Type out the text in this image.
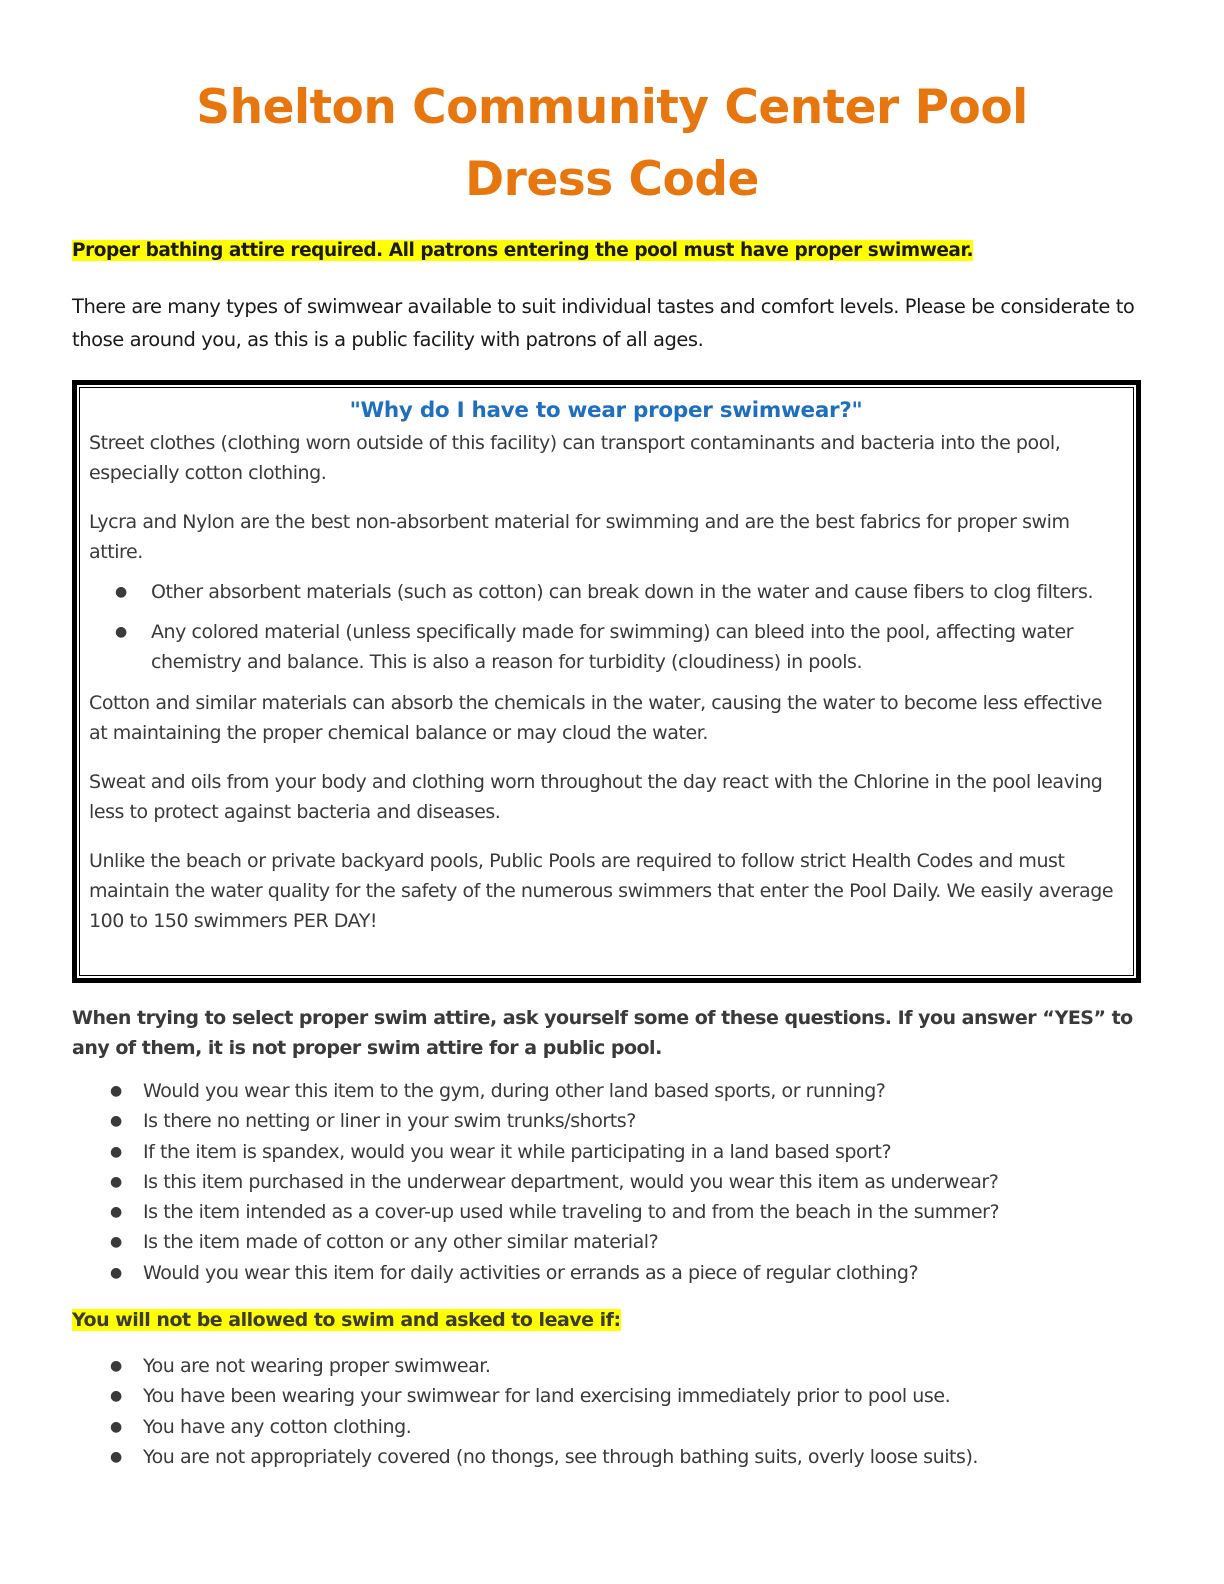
Shelton Community Center Pool
Dress Code
Proper bathing attire required. All patrons entering the pool must have proper swimwear.

There are many types of swimwear available to suit individual tastes and comfort levels. Please be considerate to those around you, as this is a public facility with patrons of all ages.

"Why do I have to wear proper swimwear?"

Street clothes (clothing worn outside of this facility) can transport contaminants and bacteria into the pool, especially cotton clothing.

Lycra and Nylon are the best non-absorbent material for swimming and are the best fabrics for proper swim attire.

● Other absorbent materials (such as cotton) can break down in the water and cause fibers to clog filters.
● Any colored material (unless specifically made for swimming) can bleed into the pool, affecting water chemistry and balance. This is also a reason for turbidity (cloudiness) in pools.

Cotton and similar materials can absorb the chemicals in the water, causing the water to become less effective at maintaining the proper chemical balance or may cloud the water.

Sweat and oils from your body and clothing worn throughout the day react with the Chlorine in the pool leaving less to protect against bacteria and diseases.

Unlike the beach or private backyard pools, Public Pools are required to follow strict Health Codes and must maintain the water quality for the safety of the numerous swimmers that enter the Pool Daily. We easily average 100 to 150 swimmers PER DAY!

When trying to select proper swim attire, ask yourself some of these questions. If you answer “YES” to any of them, it is not proper swim attire for a public pool.

● Would you wear this item to the gym, during other land based sports, or running?
● Is there no netting or liner in your swim trunks/shorts?
● If the item is spandex, would you wear it while participating in a land based sport?
● Is this item purchased in the underwear department, would you wear this item as underwear?
● Is the item intended as a cover-up used while traveling to and from the beach in the summer?
● Is the item made of cotton or any other similar material?
● Would you wear this item for daily activities or errands as a piece of regular clothing?
You will not be allowed to swim and asked to leave if:
● You are not wearing proper swimwear.
● You have been wearing your swimwear for land exercising immediately prior to pool use.
● You have any cotton clothing.
● You are not appropriately covered (no thongs, see through bathing suits, overly loose suits).
